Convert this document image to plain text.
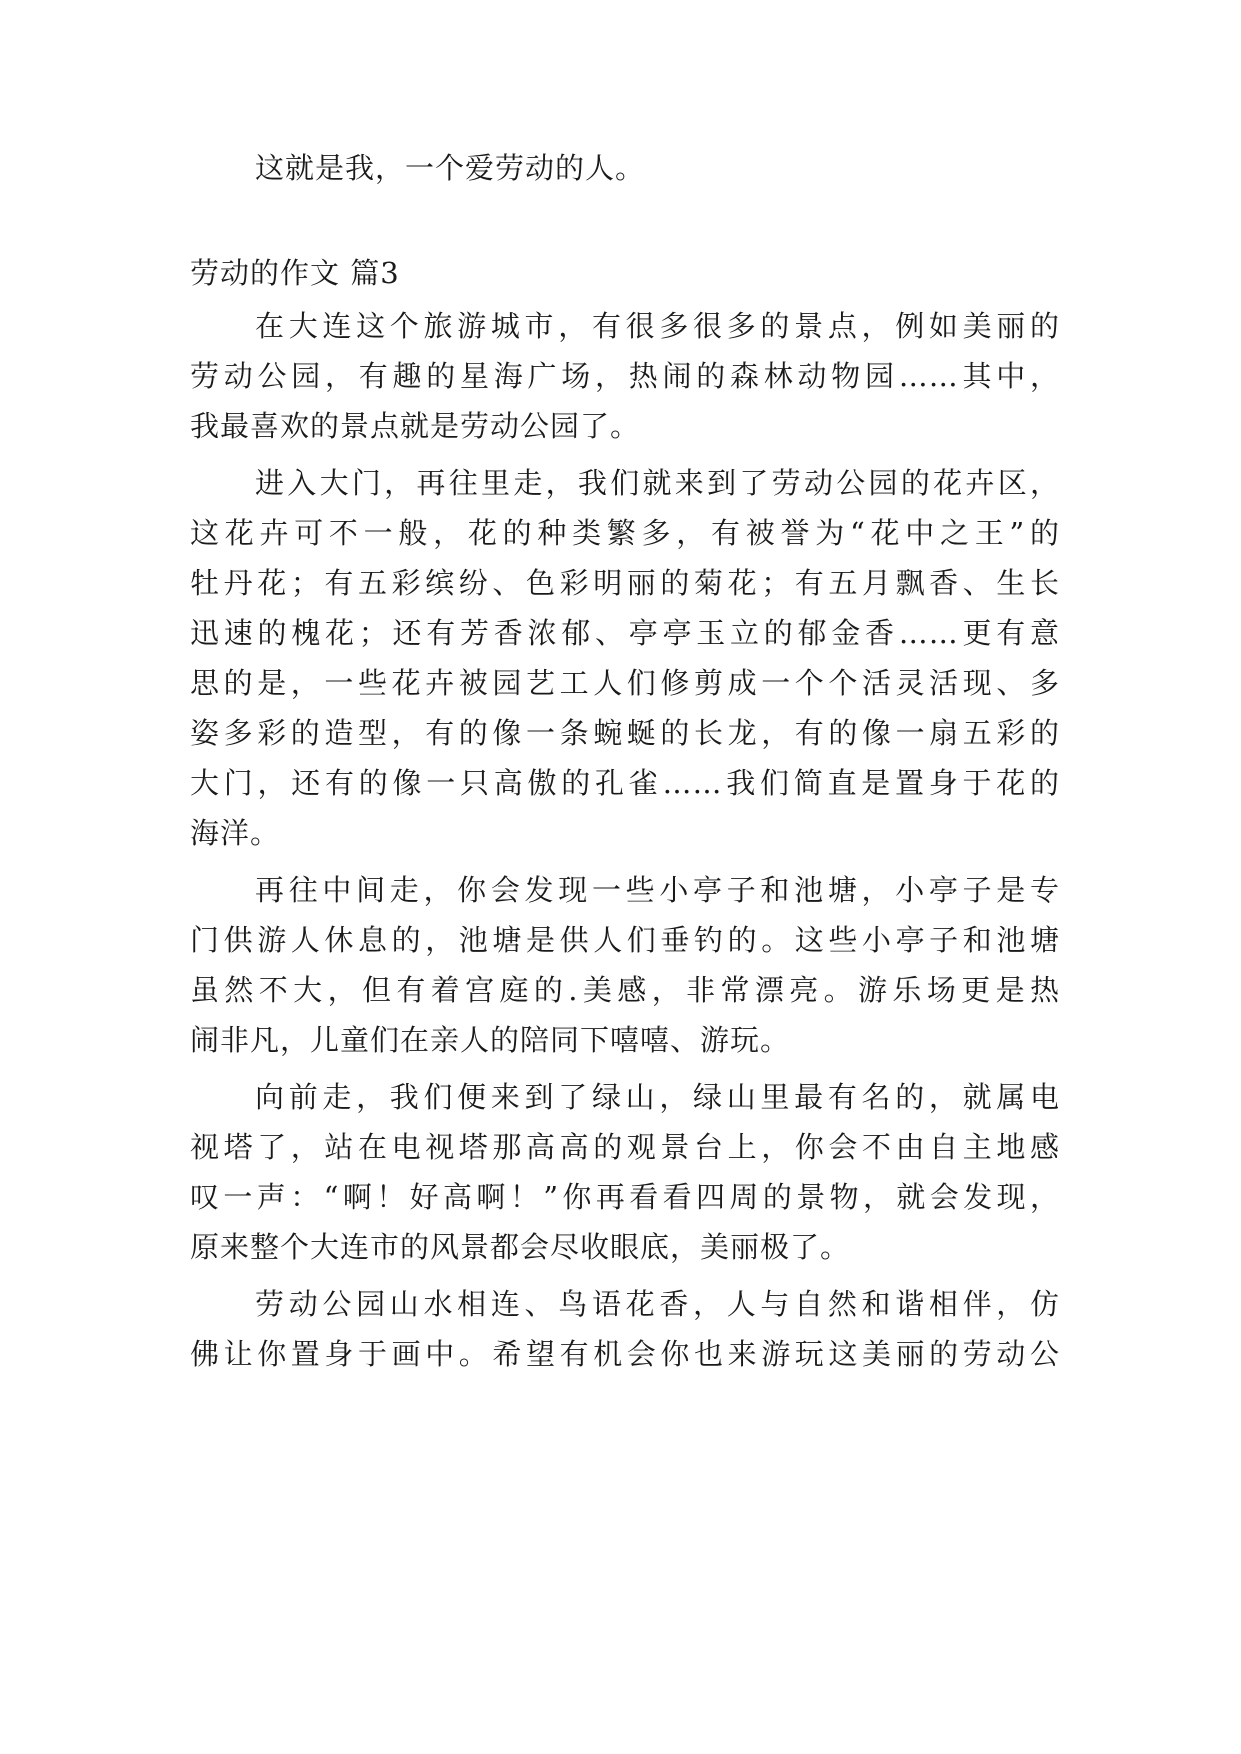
这就是我，一个爱劳动的人。
劳动的作文 篇3
在大连这个旅游城市，有很多很多的景点，例如美丽的
劳动公园，有趣的星海广场，热闹的森林动物园……其中，
我最喜欢的景点就是劳动公园了。
进入大门，再往里走，我们就来到了劳动公园的花卉区，
这花卉可不一般，花的种类繁多，有被誉为“花中之王”的
牡丹花；有五彩缤纷、色彩明丽的菊花；有五月飘香、生长
迅速的槐花；还有芳香浓郁、亭亭玉立的郁金香……更有意
思的是，一些花卉被园艺工人们修剪成一个个活灵活现、多
姿多彩的造型，有的像一条蜿蜒的长龙，有的像一扇五彩的
大门，还有的像一只高傲的孔雀……我们简直是置身于花的
海洋。
再往中间走，你会发现一些小亭子和池塘，小亭子是专
门供游人休息的，池塘是供人们垂钓的。这些小亭子和池塘
虽然不大，但有着宫庭的.美感，非常漂亮。游乐场更是热
闹非凡，儿童们在亲人的陪同下嘻嘻、游玩。
向前走，我们便来到了绿山，绿山里最有名的，就属电
视塔了，站在电视塔那高高的观景台上，你会不由自主地感
叹一声：“啊！好高啊！”你再看看四周的景物，就会发现，
原来整个大连市的风景都会尽收眼底，美丽极了。
劳动公园山水相连、鸟语花香，人与自然和谐相伴，仿
佛让你置身于画中。希望有机会你也来游玩这美丽的劳动公
